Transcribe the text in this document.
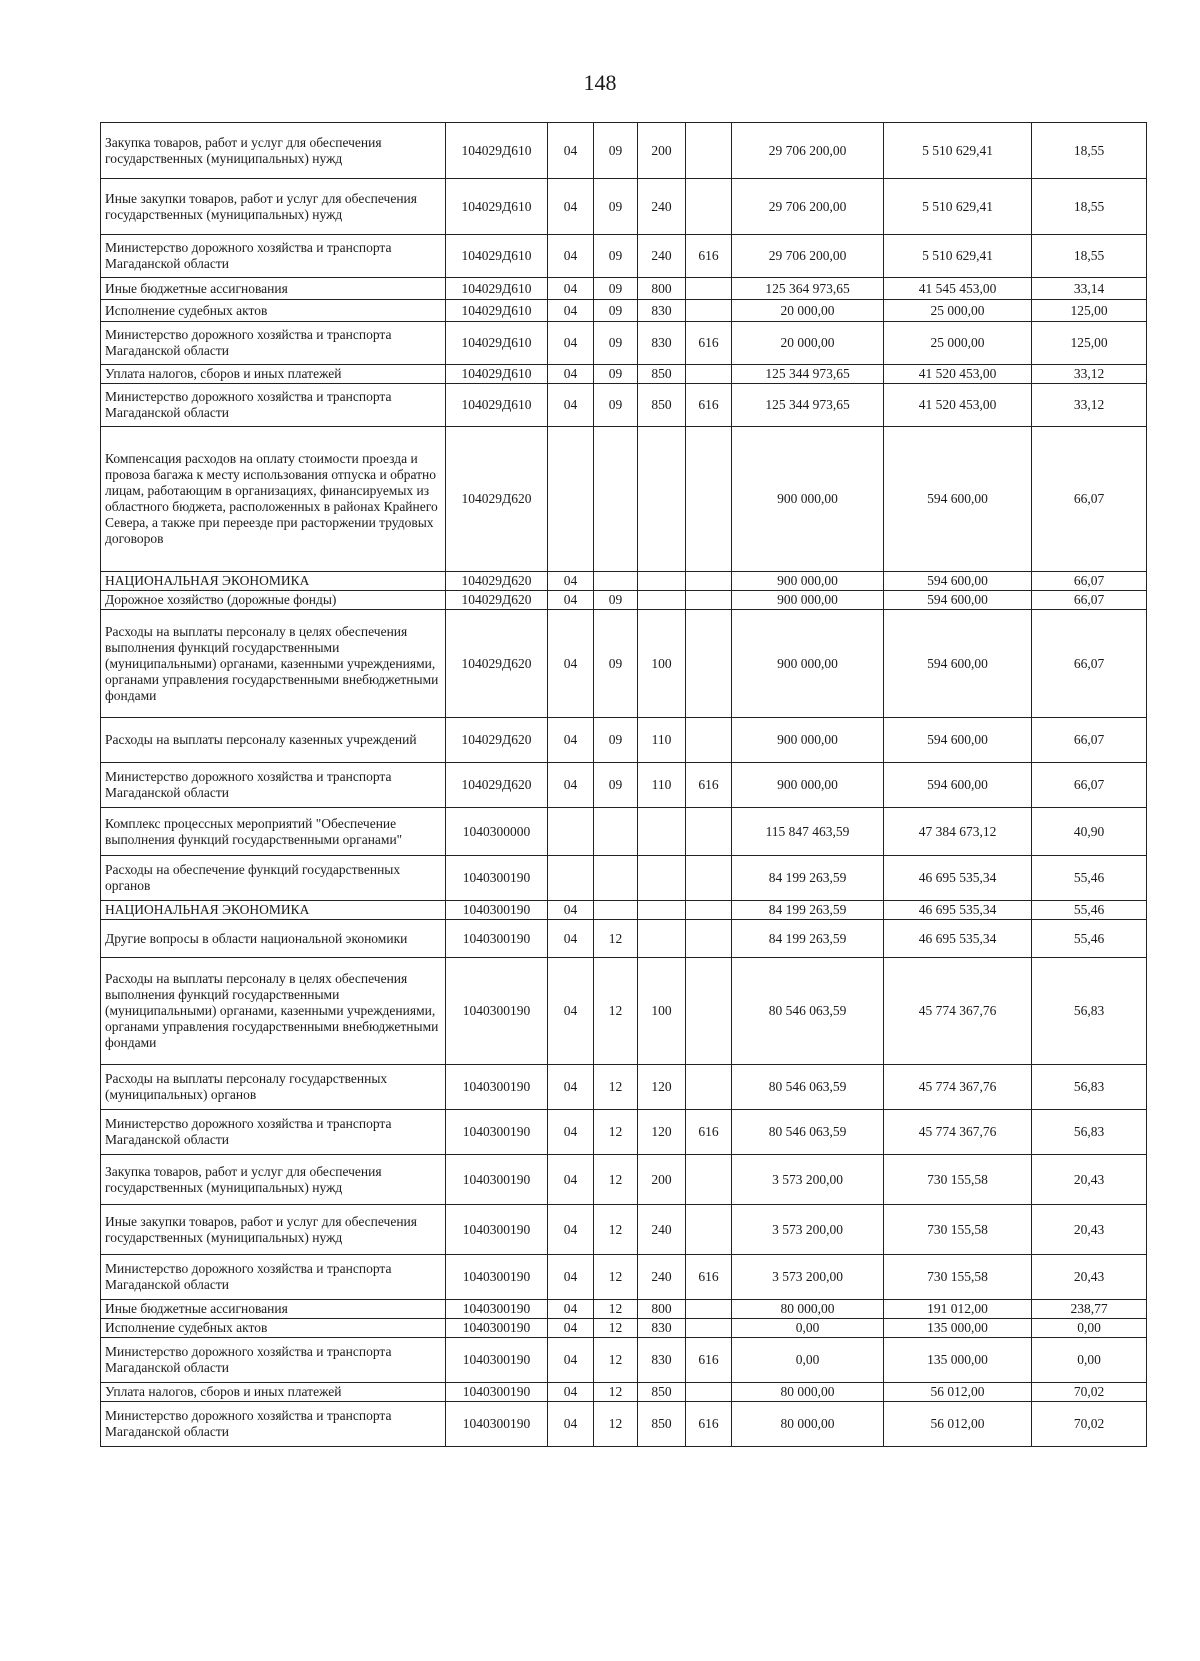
148
Закупка товаров, работ и услуг для обеспечения государственных (муниципальных) нужд	104029Д610	04	09	200		29 706 200,00	5 510 629,41	18,55
Иные закупки товаров, работ и услуг для обеспечения государственных (муниципальных) нужд	104029Д610	04	09	240		29 706 200,00	5 510 629,41	18,55
Министерство дорожного хозяйства и транспорта Магаданской области	104029Д610	04	09	240	616	29 706 200,00	5 510 629,41	18,55
Иные бюджетные ассигнования	104029Д610	04	09	800		125 364 973,65	41 545 453,00	33,14
Исполнение судебных актов	104029Д610	04	09	830		20 000,00	25 000,00	125,00
Министерство дорожного хозяйства и транспорта Магаданской области	104029Д610	04	09	830	616	20 000,00	25 000,00	125,00
Уплата налогов, сборов и иных платежей	104029Д610	04	09	850		125 344 973,65	41 520 453,00	33,12
Министерство дорожного хозяйства и транспорта Магаданской области	104029Д610	04	09	850	616	125 344 973,65	41 520 453,00	33,12
Компенсация расходов на оплату стоимости проезда и провоза багажа к месту использования отпуска и обратно лицам, работающим в организациях, финансируемых из областного бюджета, расположенных в районах Крайнего Севера, а также при переезде при расторжении трудовых договоров	104029Д620					900 000,00	594 600,00	66,07
НАЦИОНАЛЬНАЯ ЭКОНОМИКА	104029Д620	04				900 000,00	594 600,00	66,07
Дорожное хозяйство (дорожные фонды)	104029Д620	04	09			900 000,00	594 600,00	66,07
Расходы на выплаты персоналу в целях обеспечения выполнения функций государственными (муниципальными) органами, казенными учреждениями, органами управления государственными внебюджетными фондами	104029Д620	04	09	100		900 000,00	594 600,00	66,07
Расходы на выплаты персоналу казенных учреждений	104029Д620	04	09	110		900 000,00	594 600,00	66,07
Министерство дорожного хозяйства и транспорта Магаданской области	104029Д620	04	09	110	616	900 000,00	594 600,00	66,07
Комплекс процессных мероприятий "Обеспечение выполнения функций государственными органами"	1040300000					115 847 463,59	47 384 673,12	40,90
Расходы на обеспечение функций государственных органов	1040300190					84 199 263,59	46 695 535,34	55,46
НАЦИОНАЛЬНАЯ ЭКОНОМИКА	1040300190	04				84 199 263,59	46 695 535,34	55,46
Другие вопросы в области национальной экономики	1040300190	04	12			84 199 263,59	46 695 535,34	55,46
Расходы на выплаты персоналу в целях обеспечения выполнения функций государственными (муниципальными) органами, казенными учреждениями, органами управления государственными внебюджетными фондами	1040300190	04	12	100		80 546 063,59	45 774 367,76	56,83
Расходы на выплаты персоналу государственных (муниципальных) органов	1040300190	04	12	120		80 546 063,59	45 774 367,76	56,83
Министерство дорожного хозяйства и транспорта Магаданской области	1040300190	04	12	120	616	80 546 063,59	45 774 367,76	56,83
Закупка товаров, работ и услуг для обеспечения государственных (муниципальных) нужд	1040300190	04	12	200		3 573 200,00	730 155,58	20,43
Иные закупки товаров, работ и услуг для обеспечения государственных (муниципальных) нужд	1040300190	04	12	240		3 573 200,00	730 155,58	20,43
Министерство дорожного хозяйства и транспорта Магаданской области	1040300190	04	12	240	616	3 573 200,00	730 155,58	20,43
Иные бюджетные ассигнования	1040300190	04	12	800		80 000,00	191 012,00	238,77
Исполнение судебных актов	1040300190	04	12	830		0,00	135 000,00	0,00
Министерство дорожного хозяйства и транспорта Магаданской области	1040300190	04	12	830	616	0,00	135 000,00	0,00
Уплата налогов, сборов и иных платежей	1040300190	04	12	850		80 000,00	56 012,00	70,02
Министерство дорожного хозяйства и транспорта Магаданской области	1040300190	04	12	850	616	80 000,00	56 012,00	70,02
